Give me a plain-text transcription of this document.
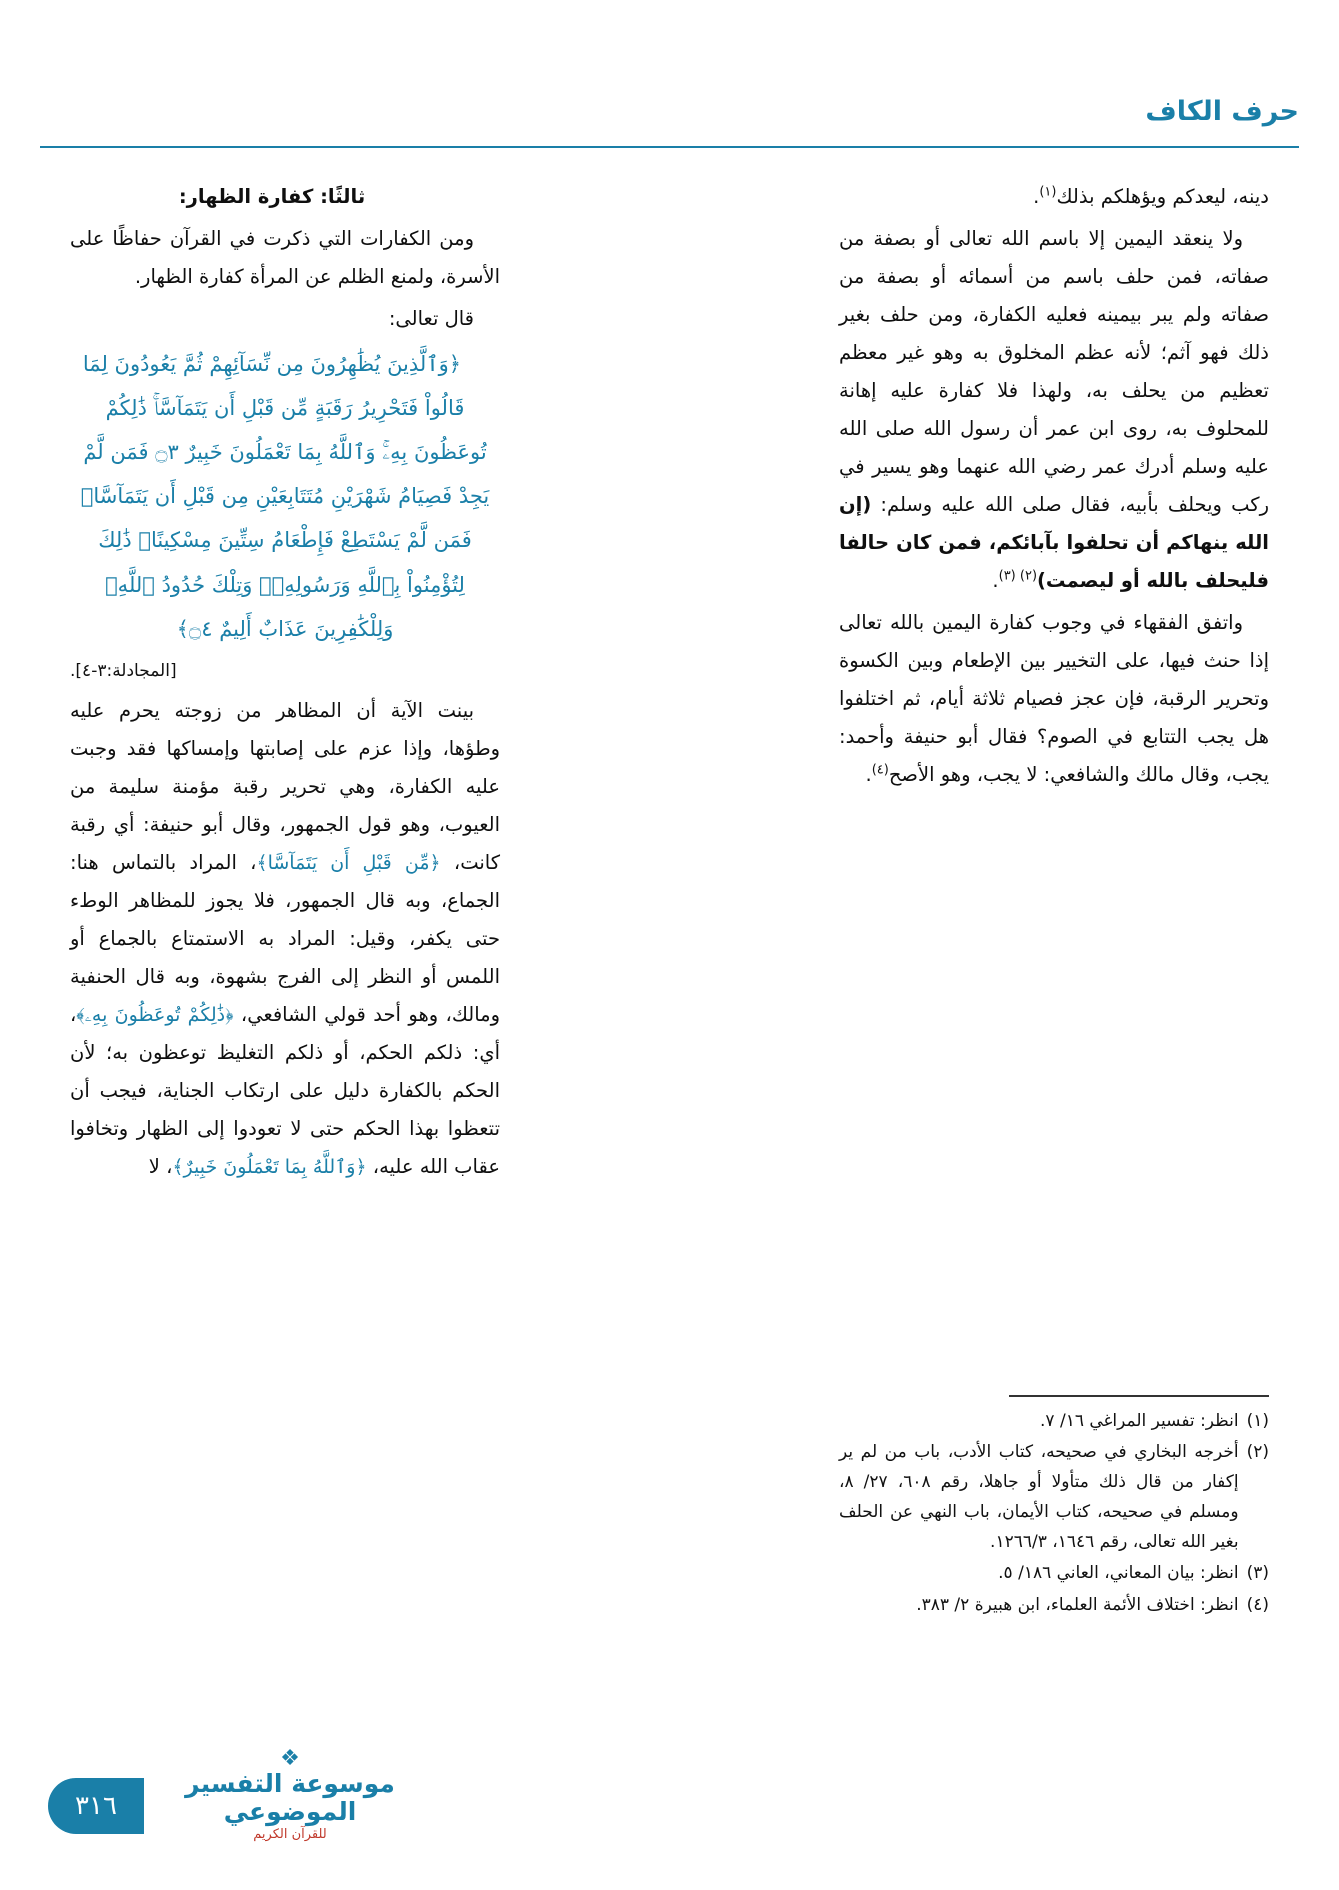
حرف الكاف

دينه، ليعدكم ويؤهلكم بذلك$^{(١)}$.

ولا ينعقد اليمين إلا باسم الله تعالى أو بصفة من صفاته، فمن حلف باسم من أسمائه أو بصفة من صفاته ولم يبر بيمينه فعليه الكفارة، ومن حلف بغير ذلك فهو آثم؛ لأنه عظم المخلوق به وهو غير معظم تعظيم من يحلف به، ولهذا فلا كفارة عليه إهانة للمحلوف به، روى ابن عمر أن رسول الله صلى الله عليه وسلم أدرك عمر رضي الله عنهما وهو يسير في ركب ويحلف بأبيه، فقال صلى الله عليه وسلم: (إن الله ينهاكم أن تحلفوا بآبائكم، فمن كان حالفا فليحلف بالله أو ليصمت)$^{(٢) (٣)}$.

واتفق الفقهاء في وجوب كفارة اليمين بالله تعالى إذا حنث فيها، على التخيير بين الإطعام وبين الكسوة وتحرير الرقبة، فإن عجز فصيام ثلاثة أيام، ثم اختلفوا هل يجب التتابع في الصوم؟ فقال أبو حنيفة وأحمد: يجب، وقال مالك والشافعي: لا يجب، وهو الأصح$^{(٤)}$.

ثالثًا: كفارة الظهار:

ومن الكفارات التي ذكرت في القرآن حفاظًا على الأسرة، ولمنع الظلم عن المرأة كفارة الظهار.

قال تعالى:

﴿وَٱلَّذِينَ يُظَٰهِرُونَ مِن نِّسَآئِهِمْ ثُمَّ يَعُودُونَ لِمَا قَالُواْ فَتَحْرِيرُ رَقَبَةٍ مِّن قَبْلِ أَن يَتَمَآسَّاۚ ذَٰلِكُمْ تُوعَظُونَ بِهِۦۚ وَٱللَّهُ بِمَا تَعْمَلُونَ خَبِيرٌ ۝٣ فَمَن لَّمْ يَجِدْ فَصِيَامُ شَهْرَيْنِ مُتَتَابِعَيْنِ مِن قَبْلِ أَن يَتَمَآسَّاۖ فَمَن لَّمْ يَسْتَطِعْ فَإِطْعَامُ سِتِّينَ مِسْكِينًاۚ ذَٰلِكَ لِتُؤْمِنُواْ بِٱللَّهِ وَرَسُولِهِۦۚ وَتِلْكَ حُدُودُ ٱللَّهِۗ وَلِلْكَٰفِرِينَ عَذَابٌ أَلِيمٌ ۝٤﴾

[المجادلة:٣-٤].

بينت الآية أن المظاهر من زوجته يحرم عليه وطؤها، وإذا عزم على إصابتها وإمساكها فقد وجبت عليه الكفارة، وهي تحرير رقبة مؤمنة سليمة من العيوب، وهو قول الجمهور، وقال أبو حنيفة: أي رقبة كانت، ﴿مِّن قَبْلِ أَن يَتَمَآسَّا﴾، المراد بالتماس هنا: الجماع، وبه قال الجمهور، فلا يجوز للمظاهر الوطء حتى يكفر، وقيل: المراد به الاستمتاع بالجماع أو اللمس أو النظر إلى الفرج بشهوة، وبه قال الحنفية ومالك، وهو أحد قولي الشافعي، ﴿ذَٰلِكُمْ تُوعَظُونَ بِهِۦ﴾، أي: ذلكم الحكم، أو ذلكم التغليظ توعظون به؛ لأن الحكم بالكفارة دليل على ارتكاب الجناية، فيجب أن تتعظوا بهذا الحكم حتى لا تعودوا إلى الظهار وتخافوا عقاب الله عليه، ﴿وَٱللَّهُ بِمَا تَعْمَلُونَ خَبِيرٌ﴾، لا

(١)
انظر: تفسير المراغي ١٦/ ٧.
(٢)
أخرجه البخاري في صحيحه، كتاب الأدب، باب من لم ير إكفار من قال ذلك متأولا أو جاهلا، رقم ٦٠٨، ٢٧/ ٨، ومسلم في صحيحه، كتاب الأيمان، باب النهي عن الحلف بغير الله تعالى، رقم ١٦٤٦، ١٢٦٦/٣.
(٣)
انظر: بيان المعاني، العاني ١٨٦/ ٥.
(٤)
انظر: اختلاف الأئمة العلماء، ابن هبيرة ٢/ ٣٨٣.
٣١٦
❖
موسوعة التفسير الموضوعي
للقرآن الكريم
